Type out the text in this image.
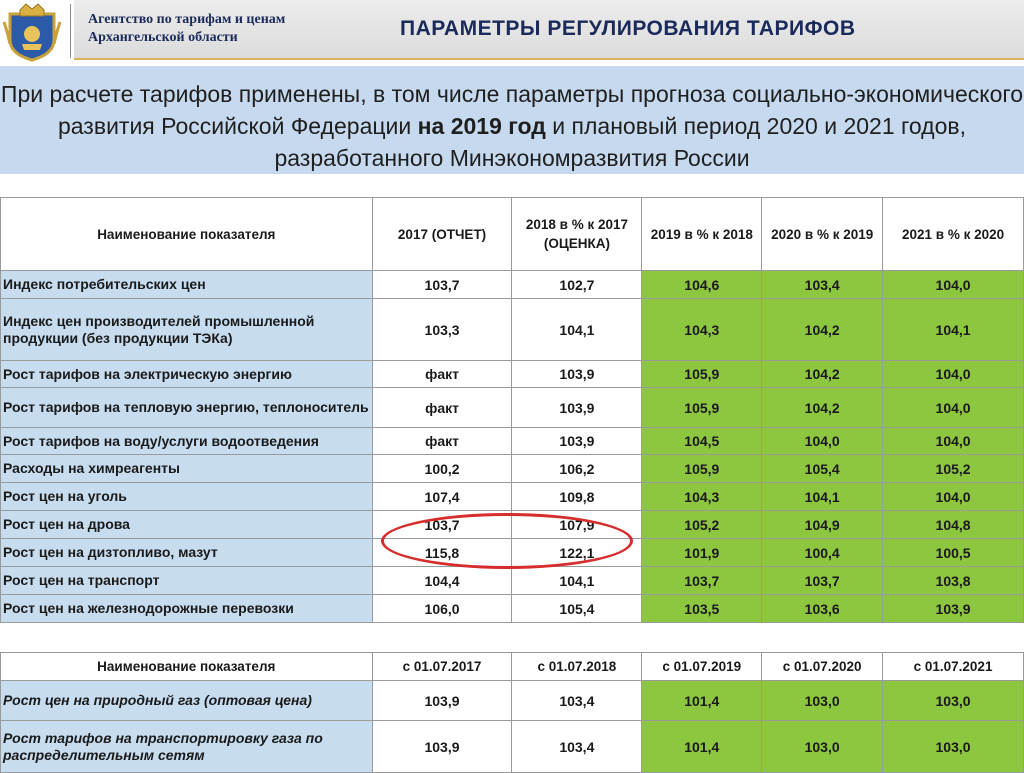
Агентство по тарифам и ценам
Архангельской области	ПАРАМЕТРЫ РЕГУЛИРОВАНИЯ ТАРИФОВ

При расчете тарифов применены, в том числе параметры прогноза социально-экономического развития Российской Федерации на 2019 год и плановый период 2020 и 2021 годов, разработанного Минэкономразвития России

Наименование показателя	2017 (ОТЧЕТ)	2018 в % к 2017 (ОЦЕНКА)	2019 в % к 2018	2020 в % к 2019	2021 в % к 2020
Индекс потребительских цен	103,7	102,7	104,6	103,4	104,0
Индекс цен производителей промышленной продукции (без продукции ТЭКа)	103,3	104,1	104,3	104,2	104,1
Рост тарифов на электрическую энергию	факт	103,9	105,9	104,2	104,0
Рост тарифов на тепловую энергию, теплоноситель	факт	103,9	105,9	104,2	104,0
Рост тарифов на воду/услуги водоотведения	факт	103,9	104,5	104,0	104,0
Расходы на химреагенты	100,2	106,2	105,9	105,4	105,2
Рост цен на уголь	107,4	109,8	104,3	104,1	104,0
Рост цен на дрова	103,7	107,9	105,2	104,9	104,8
Рост цен на дизтопливо, мазут	115,8	122,1	101,9	100,4	100,5
Рост цен на транспорт	104,4	104,1	103,7	103,7	103,8
Рост цен на железнодорожные перевозки	106,0	105,4	103,5	103,6	103,9
Наименование показателя	с 01.07.2017	с 01.07.2018	с 01.07.2019	с 01.07.2020	с 01.07.2021
Рост цен на природный газ (оптовая цена)	103,9	103,4	101,4	103,0	103,0
Рост тарифов на транспортировку газа по распределительным сетям	103,9	103,4	101,4	103,0	103,0
